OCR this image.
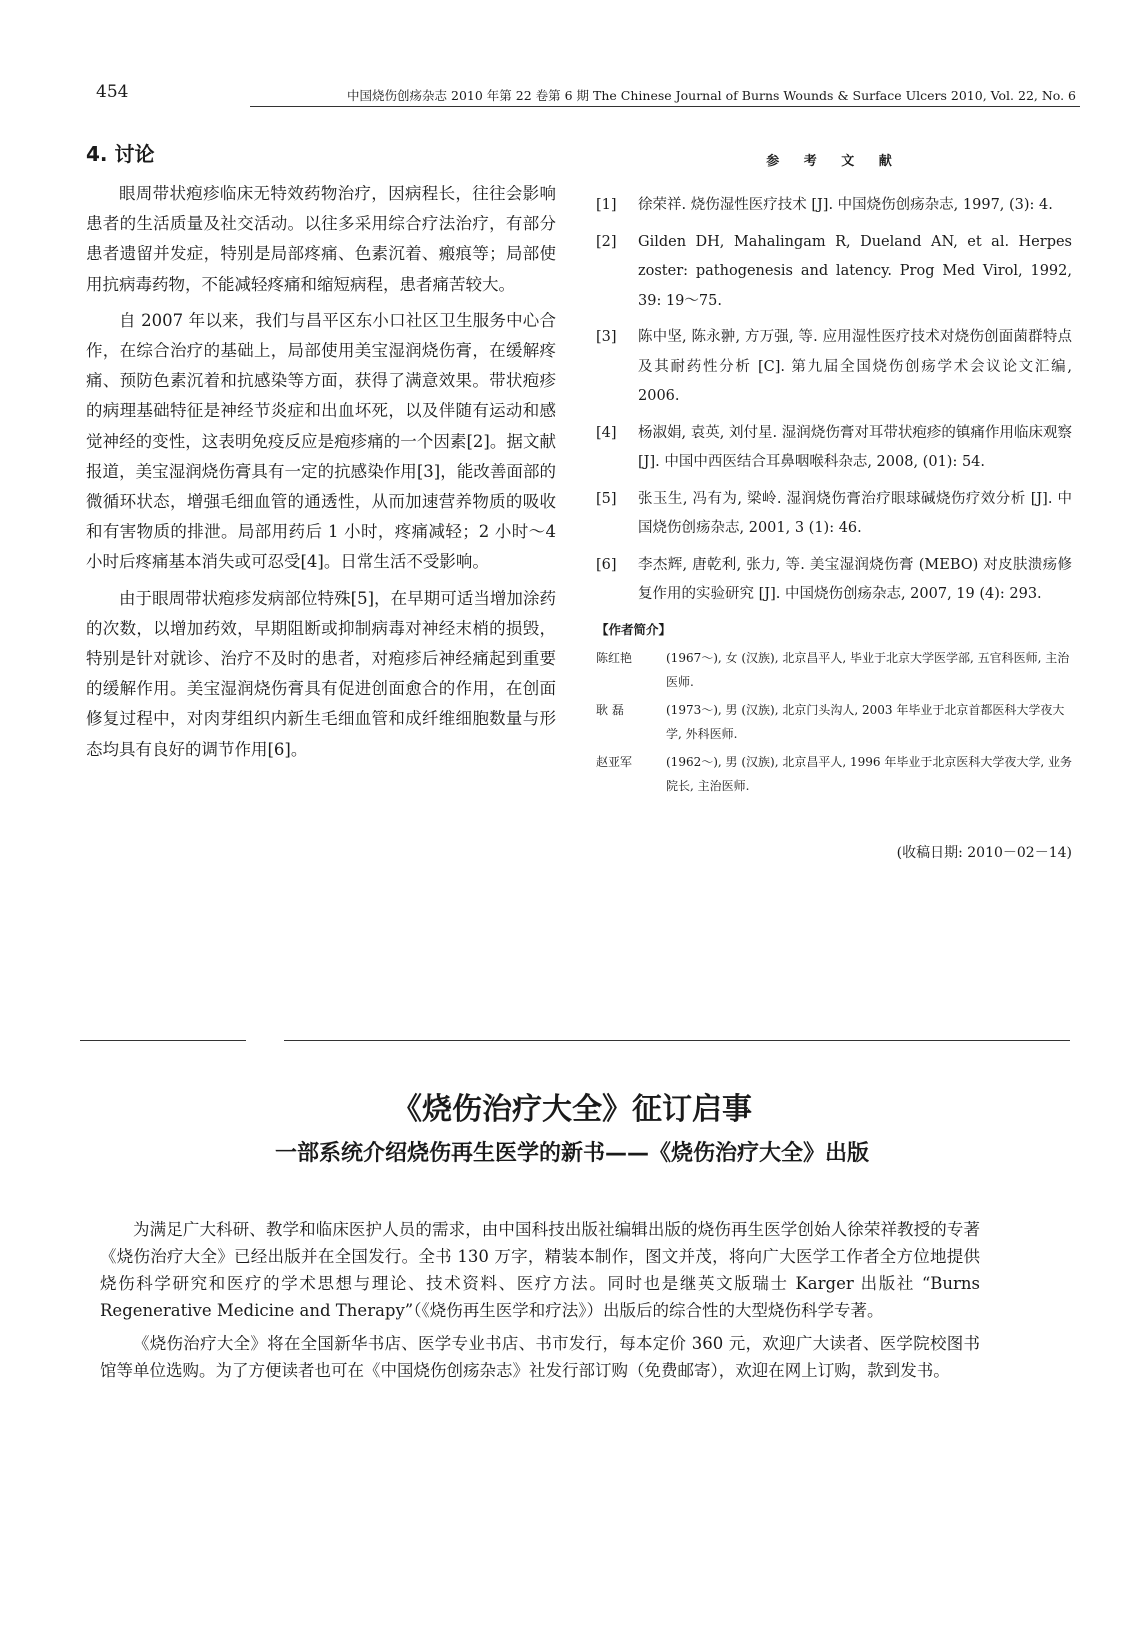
454	中国烧伤创疡杂志 2010 年第 22 卷第 6 期 The Chinese Journal of Burns Wounds & Surface Ulcers 2010, Vol. 22, No. 6
4. 讨论

眼周带状疱疹临床无特效药物治疗，因病程长，往往会影响患者的生活质量及社交活动。以往多采用综合疗法治疗，有部分患者遗留并发症，特别是局部疼痛、色素沉着、瘢痕等；局部使用抗病毒药物，不能减轻疼痛和缩短病程，患者痛苦较大。

自 2007 年以来，我们与昌平区东小口社区卫生服务中心合作，在综合治疗的基础上，局部使用美宝湿润烧伤膏，在缓解疼痛、预防色素沉着和抗感染等方面，获得了满意效果。带状疱疹的病理基础特征是神经节炎症和出血坏死，以及伴随有运动和感觉神经的变性，这表明免疫反应是疱疹痛的一个因素[2]。据文献报道，美宝湿润烧伤膏具有一定的抗感染作用[3]，能改善面部的微循环状态，增强毛细血管的通透性，从而加速营养物质的吸收和有害物质的排泄。局部用药后 1 小时，疼痛减轻；2 小时～4 小时后疼痛基本消失或可忍受[4]。日常生活不受影响。

由于眼周带状疱疹发病部位特殊[5]，在早期可适当增加涂药的次数，以增加药效，早期阻断或抑制病毒对神经末梢的损毁，特别是针对就诊、治疗不及时的患者，对疱疹后神经痛起到重要的缓解作用。美宝湿润烧伤膏具有促进创面愈合的作用，在创面修复过程中，对肉芽组织内新生毛细血管和成纤维细胞数量与形态均具有良好的调节作用[6]。

参 考 文 献
[1] 徐荣祥. 烧伤湿性医疗技术 [J]. 中国烧伤创疡杂志, 1997, (3): 4.
[2] Gilden DH, Mahalingam R, Dueland AN, et al. Herpes zoster: pathogenesis and latency. Prog Med Virol, 1992, 39: 19～75.
[3] 陈中坚, 陈永翀, 方万强, 等. 应用湿性医疗技术对烧伤创面菌群特点及其耐药性分析 [C]. 第九届全国烧伤创疡学术会议论文汇编, 2006.
[4] 杨淑娟, 袁英, 刘付星. 湿润烧伤膏对耳带状疱疹的镇痛作用临床观察 [J]. 中国中西医结合耳鼻咽喉科杂志, 2008, (01): 54.
[5] 张玉生, 冯有为, 梁岭. 湿润烧伤膏治疗眼球碱烧伤疗效分析 [J]. 中国烧伤创疡杂志, 2001, 3 (1): 46.
[6] 李杰辉, 唐乾利, 张力, 等. 美宝湿润烧伤膏 (MEBO) 对皮肤溃疡修复作用的实验研究 [J]. 中国烧伤创疡杂志, 2007, 19 (4): 293.
【作者简介】
陈红艳	(1967～), 女 (汉族), 北京昌平人, 毕业于北京大学医学部, 五官科医师, 主治医师.
耿 磊	(1973～), 男 (汉族), 北京门头沟人, 2003 年毕业于北京首都医科大学夜大学, 外科医师.
赵亚军	(1962～), 男 (汉族), 北京昌平人, 1996 年毕业于北京医科大学夜大学, 业务院长, 主治医师.
(收稿日期: 2010－02－14)
《烧伤治疗大全》征订启事
一部系统介绍烧伤再生医学的新书——《烧伤治疗大全》出版

为满足广大科研、教学和临床医护人员的需求，由中国科技出版社编辑出版的烧伤再生医学创始人徐荣祥教授的专著《烧伤治疗大全》已经出版并在全国发行。全书 130 万字，精装本制作，图文并茂，将向广大医学工作者全方位地提供烧伤科学研究和医疗的学术思想与理论、技术资料、医疗方法。同时也是继英文版瑞士 Karger 出版社 “Burns Regenerative Medicine and Therapy”（《烧伤再生医学和疗法》）出版后的综合性的大型烧伤科学专著。

《烧伤治疗大全》将在全国新华书店、医学专业书店、书市发行，每本定价 360 元，欢迎广大读者、医学院校图书馆等单位选购。为了方便读者也可在《中国烧伤创疡杂志》社发行部订购（免费邮寄），欢迎在网上订购，款到发书。
